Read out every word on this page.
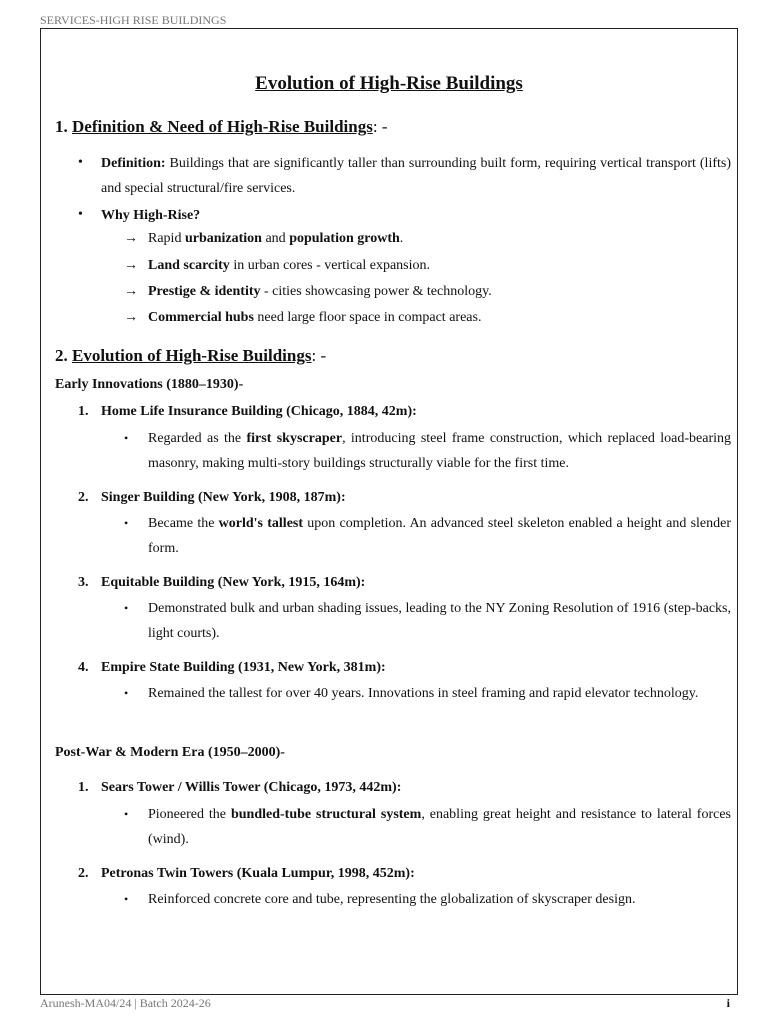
SERVICES-HIGH RISE BUILDINGS
Evolution of High-Rise Buildings
1. Definition & Need of High-Rise Buildings: -
• Definition: Buildings that are significantly taller than surrounding built form, requiring vertical transport (lifts) and special structural/fire services.
• Why High-Rise?
→ Rapid urbanization and population growth.
→ Land scarcity in urban cores - vertical expansion.
→ Prestige & identity - cities showcasing power & technology.
→ Commercial hubs need large floor space in compact areas.
2. Evolution of High-Rise Buildings: -
Early Innovations (1880–1930)-
1. Home Life Insurance Building (Chicago, 1884, 42m):
• Regarded as the first skyscraper, introducing steel frame construction, which replaced load-bearing masonry, making multi-story buildings structurally viable for the first time.
2. Singer Building (New York, 1908, 187m):
• Became the world's tallest upon completion. An advanced steel skeleton enabled a height and slender form.
3. Equitable Building (New York, 1915, 164m):
• Demonstrated bulk and urban shading issues, leading to the NY Zoning Resolution of 1916 (step-backs, light courts).
4. Empire State Building (1931, New York, 381m):
• Remained the tallest for over 40 years. Innovations in steel framing and rapid elevator technology.
Post-War & Modern Era (1950–2000)-
1. Sears Tower / Willis Tower (Chicago, 1973, 442m):
• Pioneered the bundled-tube structural system, enabling great height and resistance to lateral forces (wind).
2. Petronas Twin Towers (Kuala Lumpur, 1998, 452m):
• Reinforced concrete core and tube, representing the globalization of skyscraper design.
Arunesh-MA04/24 | Batch 2024-26	i
